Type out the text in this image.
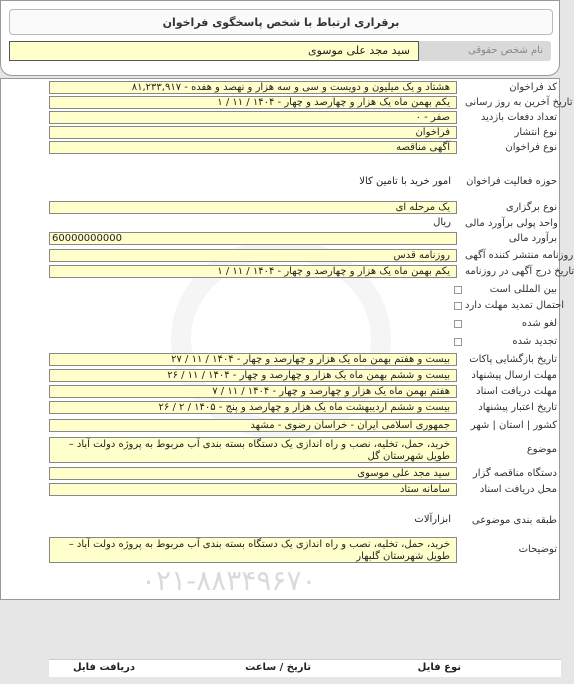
برقراری ارتباط با شخص پاسخگوی فراخوان
نام شخص حقوقی
سید مجد علی موسوی
۰۲۱-۸۸۳۴۹۶۷۰
کد فراخوان
۸۱,۲۳۳,۹۱۷ - هشتاد و یک میلیون و دویست و سی و سه هزار و نهصد و هفده
تاریخ آخرین به روز رسانی
۱ / ۱۱ / ۱۴۰۴ - یکم بهمن ماه یک هزار و چهارصد و چهار
تعداد دفعات بازدید
۰ - صفر
نوع انتشار
فراخوان
نوع فراخوان
آگهی مناقصه
حوزه فعالیت فراخوان
امور خرید با تامین کالا
نوع برگزاری
یک مرحله ای
واحد پولی برآورد مالی
ریال
برآورد مالی
60000000000
روزنامه منتشر کننده آگهی
روزنامه قدس
تاریخ درج آگهی در روزنامه
۱ / ۱۱ / ۱۴۰۴ - یکم بهمن ماه یک هزار و چهارصد و چهار
بین المللی است
احتمال تمدید مهلت دارد
لغو شده
تجدید شده
تاریخ بازگشایی پاکات
۲۷ / ۱۱ / ۱۴۰۴ - بیست و هفتم بهمن ماه یک هزار و چهارصد و چهار
مهلت ارسال پیشنهاد
۲۶ / ۱۱ / ۱۴۰۴ - بیست و ششم بهمن ماه یک هزار و چهارصد و چهار
مهلت دریافت اسناد
۷ / ۱۱ / ۱۴۰۴ - هفتم بهمن ماه یک هزار و چهارصد و چهار
تاریخ اعتبار پیشنهاد
۲۶ / ۲ / ۱۴۰۵ - بیست و ششم اردیبهشت ماه یک هزار و چهارصد و پنج
کشور | استان | شهر
جمهوری اسلامی ایران - خراسان رضوی - مشهد
موضوع
خرید، حمل، تخلیه، نصب و راه اندازی یک دستگاه بسته بندی آب مربوط به پروژه دولت آباد – طویل شهرستان گل
دستگاه مناقصه گزار
سید مجد علی موسوی
محل دریافت اسناد
سامانه ستاد
طبقه بندی موضوعی
ابزارآلات
توضیحات
خرید، حمل، تخلیه، نصب و راه اندازی یک دستگاه بسته بندی آب مربوط به پروژه دولت آباد – طویل شهرستان گلبهار
نوع فایل
تاریخ / ساعت
دریافت فایل
